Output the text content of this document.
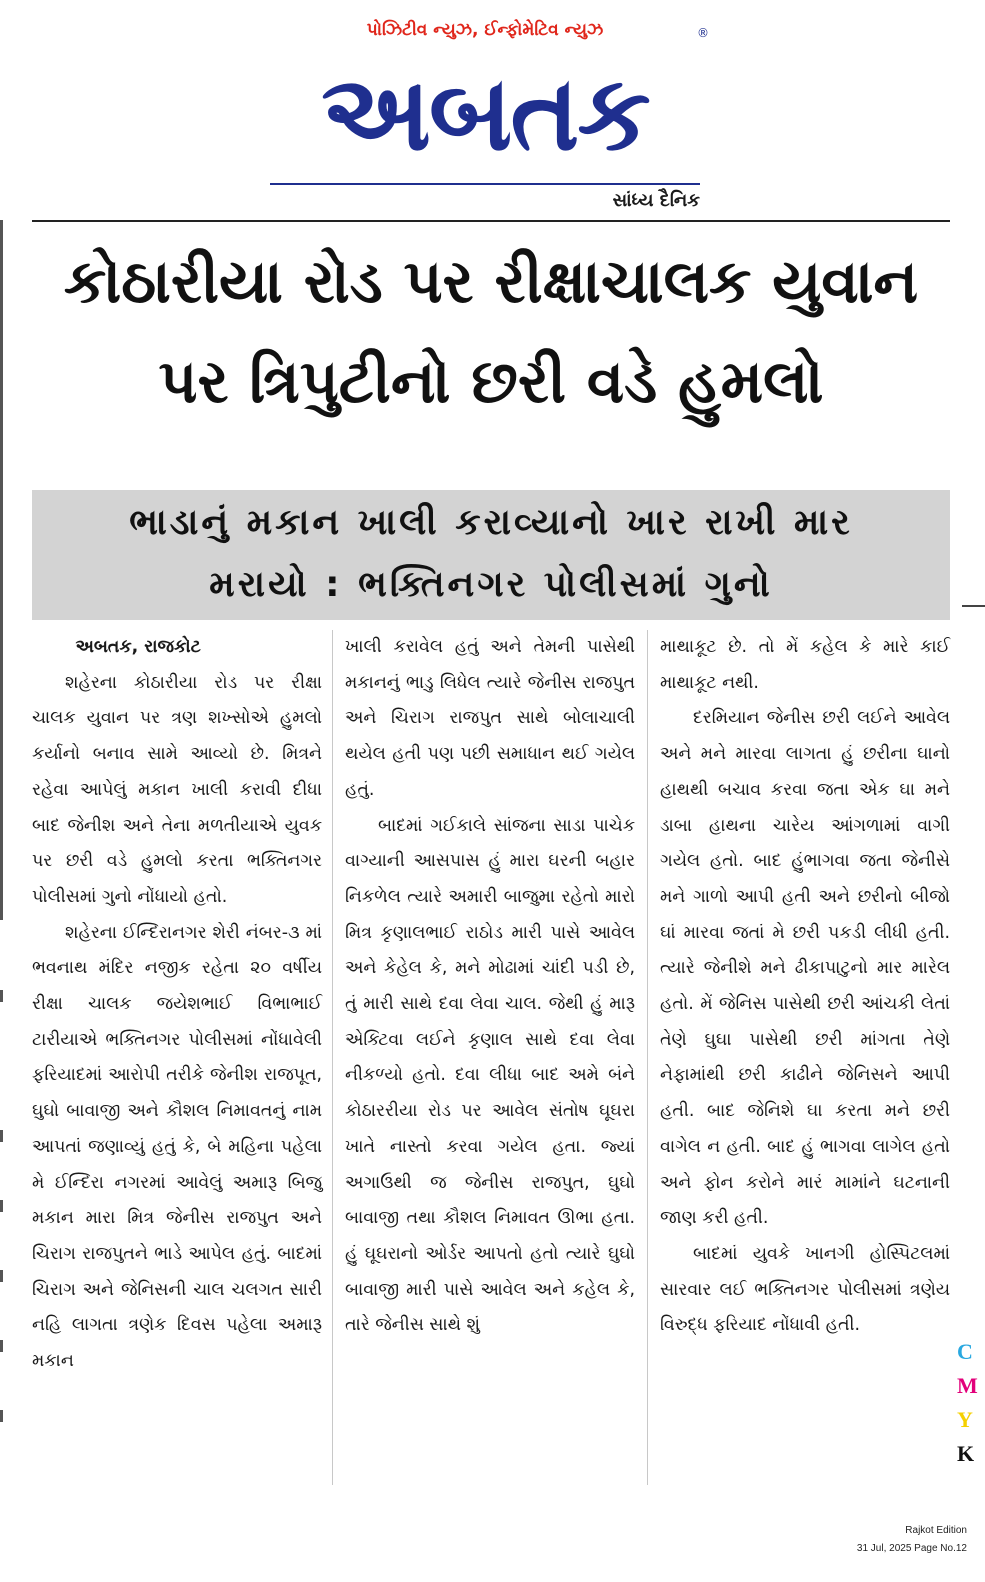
પોઝિટીવ ન્યુઝ, ઈન્ફોમેટિવ ન્યુઝ
અબતક
®
સાંધ્ય દૈનિક
કોઠારીયા રોડ પર રીક્ષાચાલક યુવાન
પર ત્રિપુટીનો છરી વડે હુમલો
ભાડાનું મકાન ખાલી કરાવ્યાનો ખાર રાખી માર
મરાયો : ભક્તિનગર પોલીસમાં ગુનો

અબતક, રાજકોટ

શહેરના કોઠારીયા રોડ પર રીક્ષા ચાલક યુવાન પર ત્રણ શખ્સોએ હુમલો કર્યાનો બનાવ સામે આવ્યો છે. મિત્રને રહેવા આપેલું મકાન ખાલી કરાવી દીધા બાદ જેનીશ અને તેના મળતીયાએ યુવક પર છરી વડે હુમલો કરતા ભક્તિનગર પોલીસમાં ગુનો નોંધાયો હતો.

શહેરના ઈન્દિરાનગર શેરી નંબર-૩ માં ભવનાથ મંદિર નજીક રહેતા ૨૦ વર્ષીય રીક્ષા ચાલક જયેશભાઈ વિભાભાઈ ટારીયાએ ભક્તિનગર પોલીસમાં નોંધાવેલી ફરિયાદમાં આરોપી તરીકે જેનીશ રાજપૂત, ઘુઘો બાવાજી અને કૌશલ નિમાવતનું નામ આપતાં જણાવ્યું હતું કે, બે મહિના પહેલા મે ઈન્દિરા નગરમાં આવેલું અમારૂ બિજુ મકાન મારા મિત્ર જેનીસ રાજપુત અને ચિરાગ રાજપુતને ભાડે આપેલ હતું. બાદમાં ચિરાગ અને જેનિસની ચાલ ચલગત સારી નહિ લાગતા ત્રણેક દિવસ પહેલા અમારૂ મકાન

ખાલી કરાવેલ હતું અને તેમની પાસેથી મકાનનું ભાડુ લિધેલ ત્યારે જેનીસ રાજપુત અને ચિરાગ રાજપુત સાથે બોલાચાલી થયેલ હતી પણ પછી સમાધાન થઈ ગયેલ હતું.

બાદમાં ગઈકાલે સાંજના સાડા પાચેક વાગ્યાની આસપાસ હું મારા ઘરની બહાર નિકળેલ ત્યારે અમારી બાજુમા રહેતો મારો મિત્ર કૃણાલભાઈ રાઠોડ મારી પાસે આવેલ અને કેહેલ કે, મને મોઢામાં ચાંદી પડી છે, તું મારી સાથે દવા લેવા ચાલ. જેથી હું મારૂ એક્ટિવા લઈને કૃણાલ સાથે દવા લેવા નીકળ્યો હતો. દવા લીધા બાદ અમે બંને કોઠારરીયા રોડ પર આવેલ સંતોષ ઘૂઘરા ખાતે નાસ્તો કરવા ગયેલ હતા. જ્યાં અગાઉથી જ જેનીસ રાજપુત, ઘુઘો બાવાજી તથા કૌશલ નિમાવત ઊભા હતા. હું ઘૂઘરાનો ઓર્ડર આપતો હતો ત્યારે ઘુઘો બાવાજી મારી પાસે આવેલ અને કહેલ કે, તારે જેનીસ સાથે શું

માથાકૂટ છે. તો મેં કહેલ કે મારે કાઈ માથાકૂટ નથી.

દરમિયાન જેનીસ છરી લઈને આવેલ અને મને મારવા લાગતા હું છરીના ઘાનો હાથથી બચાવ કરવા જતા એક ઘા મને ડાબા હાથના ચારેય આંગળામાં વાગી ગયેલ હતો. બાદ હુંભાગવા જતા જેનીસે મને ગાળો આપી હતી અને છરીનો બીજો ઘાં મારવા જતાં મે છરી પકડી લીધી હતી. ત્યારે જેનીશે મને ઢીકાપાટુનો માર મારેલ હતો. મેં જેનિસ પાસેથી છરી આંચકી લેતાં તેણે ઘુઘા પાસેથી છરી માંગતા તેણે નેફામાંથી છરી કાઢીને જેનિસને આપી હતી. બાદ જેનિશે ઘા કરતા મને છરી વાગેલ ન હતી. બાદ હું ભાગવા લાગેલ હતો અને ફોન કરોને મારં મામાંને ઘટનાની જાણ કરી હતી.

બાદમાં યુવકે ખાનગી હોસ્પિટલમાં સારવાર લઈ ભક્તિનગર પોલીસમાં ત્રણેય વિરુદ્ધ ફરિયાદ નોંધાવી હતી.

C
M
Y
K
Rajkot Edition
31 Jul, 2025 Page No.12
